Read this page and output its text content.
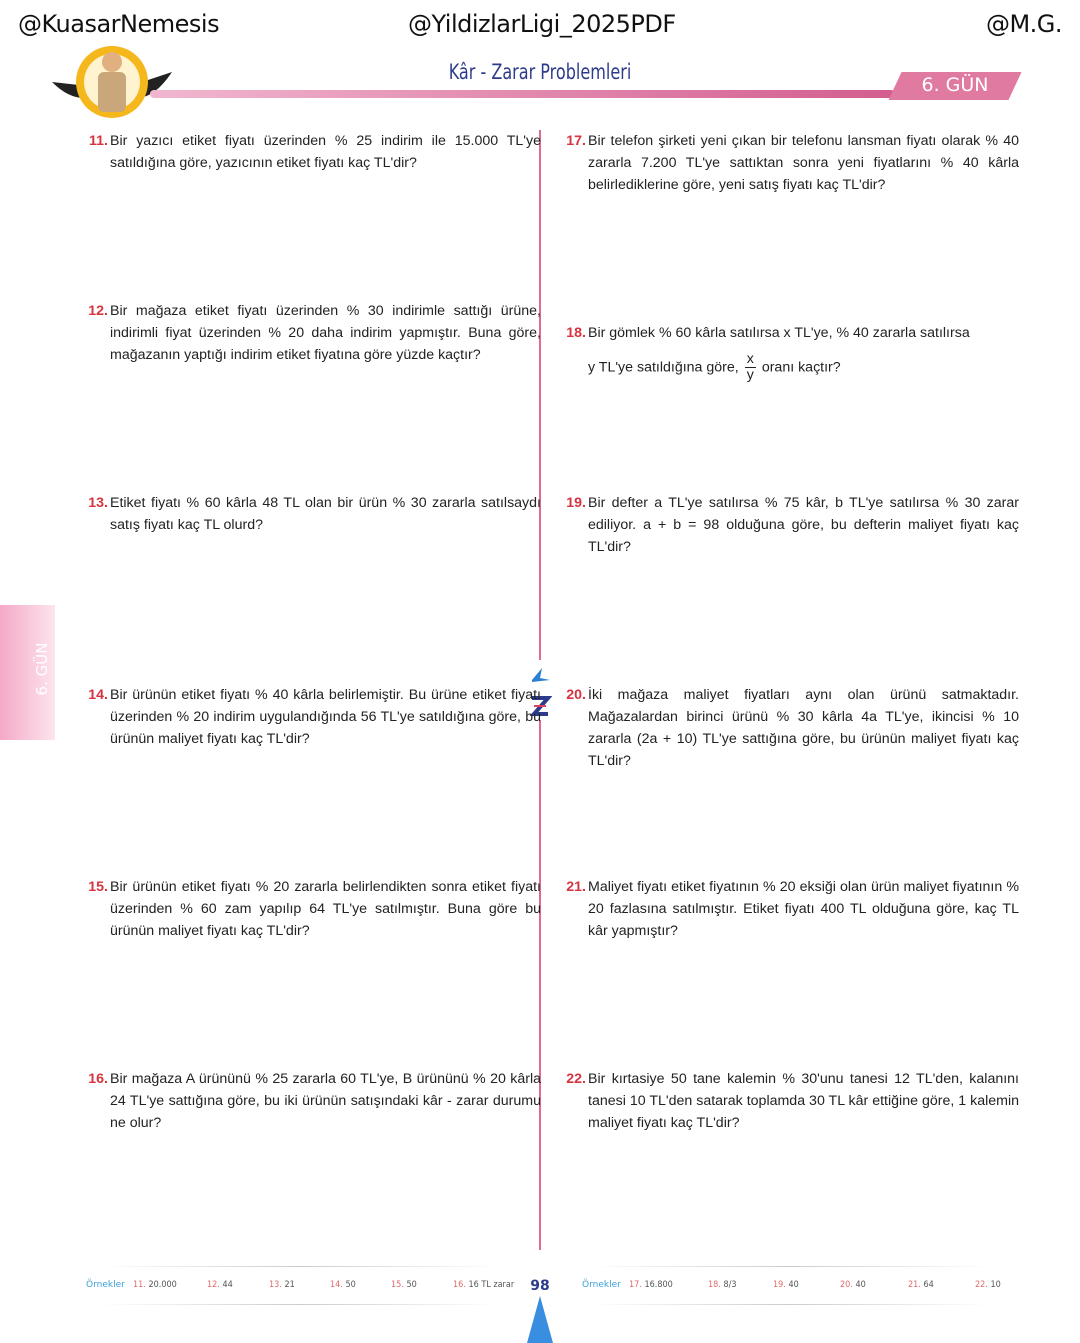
@KuasarNemesis	@YildizlarLigi_2025PDF	@M.G.
Kâr - Zarar Problemleri
6. GÜN
6. GÜN
11. Bir yazıcı etiket fiyatı üzerinden % 25 indirim ile 15.000 TL'ye satıldığına göre, yazıcının etiket fiyatı kaç TL'dir?
12. Bir mağaza etiket fiyatı üzerinden % 30 indirimle sattığı ürüne, indirimli fiyat üzerinden % 20 daha indirim yapmıştır. Buna göre, mağazanın yaptığı indirim etiket fiyatına göre yüzde kaçtır?
13. Etiket fiyatı % 60 kârla 48 TL olan bir ürün % 30 zararla satılsaydı satış fiyatı kaç TL olurd?
14. Bir ürünün etiket fiyatı % 40 kârla belirlemiştir. Bu ürüne etiket fiyatı üzerinden % 20 indirim uygulandığında 56 TL'ye satıldığına göre, bu ürünün maliyet fiyatı kaç TL'dir?
15. Bir ürünün etiket fiyatı % 20 zararla belirlendikten sonra etiket fiyatı üzerinden % 60 zam yapılıp 64 TL'ye satılmıştır. Buna göre bu ürünün maliyet fiyatı kaç TL'dir?
16. Bir mağaza A ürününü % 25 zararla 60 TL'ye, B ürününü % 20 kârla 24 TL'ye sattığına göre, bu iki ürünün satışındaki kâr - zarar durumu ne olur?
17. Bir telefon şirketi yeni çıkan bir telefonu lansman fiyatı olarak % 40 zararla 7.200 TL'ye sattıktan sonra yeni fiyatlarını % 40 kârla belirlediklerine göre, yeni satış fiyatı kaç TL'dir?
18. Bir gömlek % 60 kârla satılırsa x TL'ye, % 40 zararla satılırsa

y TL'ye satıldığına göre, $\frac{x}{y}$ oranı kaçtır?
19. Bir defter a TL'ye satılırsa % 75 kâr, b TL'ye satılırsa % 30 zarar ediliyor. a + b = 98 olduğuna göre, bu defterin maliyet fiyatı kaç TL'dir?
20. İki mağaza maliyet fiyatları aynı olan ürünü satmaktadır. Mağazalardan birinci ürünü % 30 kârla 4a TL'ye, ikincisi % 10 zararla (2a + 10) TL'ye sattığına göre, bu ürünün maliyet fiyatı kaç TL'dir?
21. Maliyet fiyatı etiket fiyatının % 20 eksiği olan ürün maliyet fiyatının % 20 fazlasına satılmıştır. Etiket fiyatı 400 TL olduğuna göre, kaç TL kâr yapmıştır?
22. Bir kırtasiye 50 tane kalemin % 30'unu tanesi 12 TL'den, kalanını tanesi 10 TL'den satarak toplamda 30 TL kâr ettiğine göre, 1 kalemin maliyet fiyatı kaç TL'dir?
Örnekler	Örnekler
11. 20.000	12. 44	13. 21	14. 50	15. 50	16. 16 TL zarar	17. 16.800	18. 8/3	19. 40	20. 40	21. 64	22. 10
98
